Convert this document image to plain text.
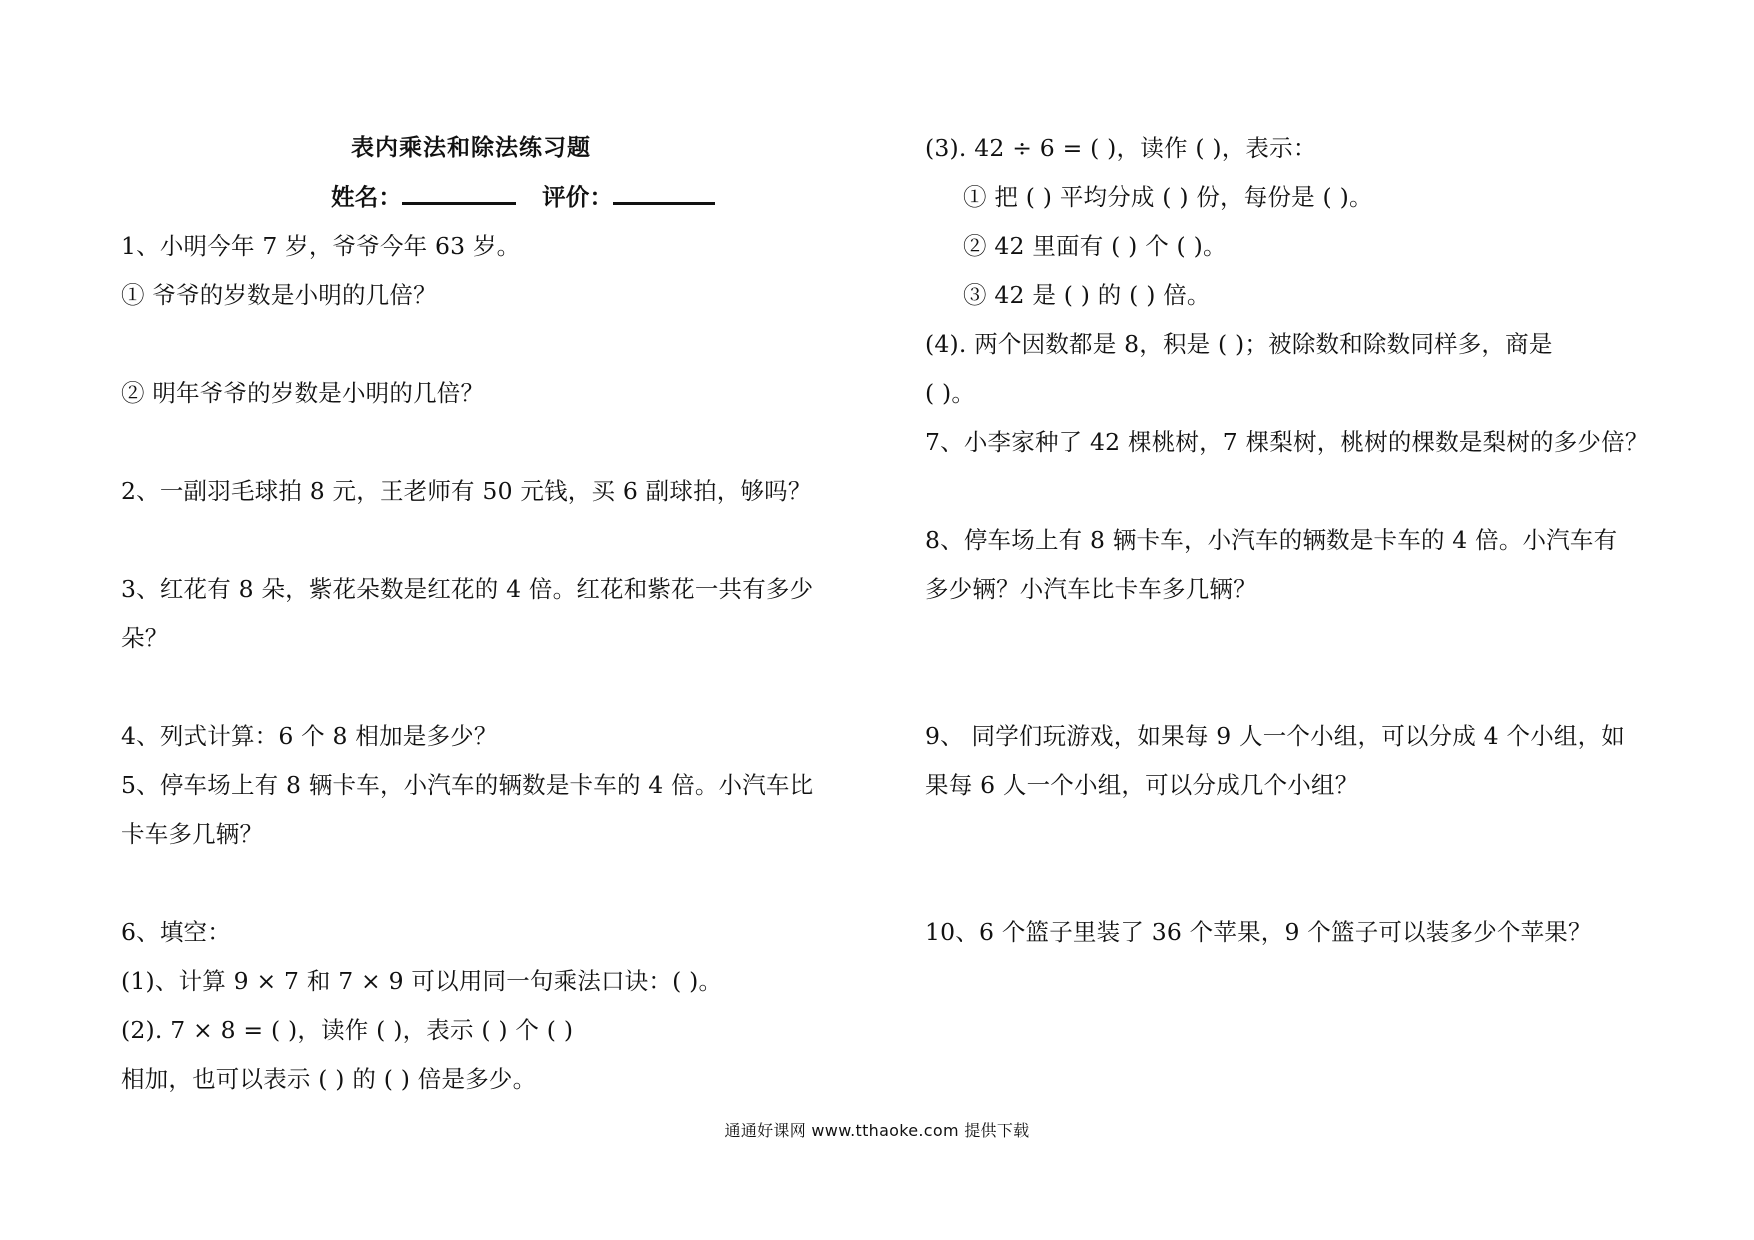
表内乘法和除法练习题
姓名：	评价：
1、小明今年 7 岁，爷爷今年 63 岁。
① 爷爷的岁数是小明的几倍？
② 明年爷爷的岁数是小明的几倍？
2、一副羽毛球拍 8 元，王老师有 50 元钱，买 6 副球拍，够吗？
3、红花有 8 朵，紫花朵数是红花的 4 倍。红花和紫花一共有多少
朵？
4、列式计算：6 个 8 相加是多少？
5、停车场上有 8 辆卡车，小汽车的辆数是卡车的 4 倍。小汽车比
卡车多几辆？
6、填空：
(1)、计算 9 × 7 和 7 × 9 可以用同一句乘法口诀：( )。
(2). 7 × 8 = ( )，读作 ( )，表示 ( ) 个 ( )
相加，也可以表示 ( ) 的 ( ) 倍是多少。
(3). 42 ÷ 6 = ( )，读作 ( )，表示：
① 把 ( ) 平均分成 ( ) 份，每份是 ( )。
② 42 里面有 ( ) 个 ( )。
③ 42 是 ( ) 的 ( ) 倍。
(4). 两个因数都是 8，积是 ( )；被除数和除数同样多，商是
( )。
7、小李家种了 42 棵桃树，7 棵梨树，桃树的棵数是梨树的多少倍？
8、停车场上有 8 辆卡车，小汽车的辆数是卡车的 4 倍。小汽车有
多少辆？小汽车比卡车多几辆？
9、 同学们玩游戏，如果每 9 人一个小组，可以分成 4 个小组，如
果每 6 人一个小组，可以分成几个小组？
10、6 个篮子里装了 36 个苹果，9 个篮子可以装多少个苹果？
通通好课网 www.tthaoke.com 提供下载
